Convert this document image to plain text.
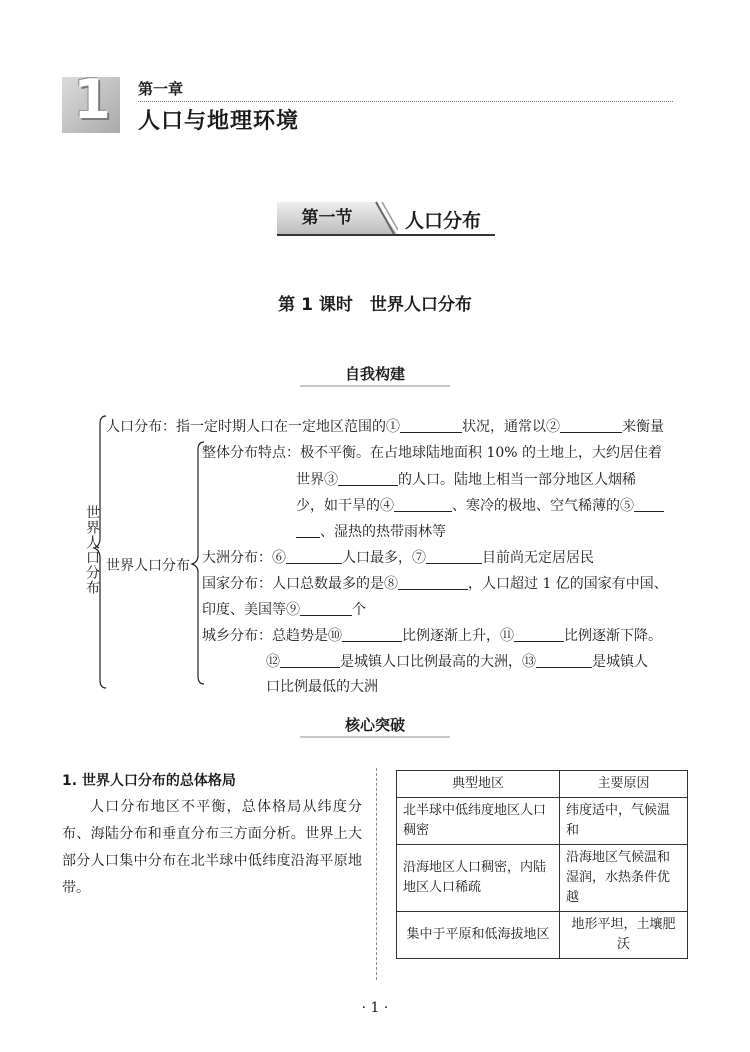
1	第一章
人口与地理环境
第一节	人口分布
第 1 课时　世界人口分布
自我构建
世界人口分布
人口分布：指一定时期人口在一定地区范围的①	状况，通常以②	来衡量
世界人口分布
整体分布特点：极不平衡。在占地球陆地面积 10% 的土地上，大约居住着
世界③	的人口。陆地上相当一部分地区人烟稀
少，如干旱的④	、寒冷的极地、空气稀薄的⑤
、湿热的热带雨林等
大洲分布：⑥	人口最多，⑦	目前尚无定居居民
国家分布：人口总数最多的是⑧	，人口超过 1 亿的国家有中国、
印度、美国等⑨	个
城乡分布：总趋势是⑩	比例逐渐上升，⑪	比例逐渐下降。
⑫	是城镇人口比例最高的大洲，⑬	是城镇人
口比例最低的大洲
核心突破
1. 世界人口分布的总体格局
人口分布地区不平衡，总体格局从纬度分布、海陆分布和垂直分布三方面分析。世界上大部分人口集中分布在北半球中低纬度沿海平原地带。
典型地区	主要原因
北半球中低纬度地区人口稠密	纬度适中，气候温和
沿海地区人口稠密，内陆地区人口稀疏	沿海地区气候温和湿润，水热条件优越
集中于平原和低海拔地区	地形平坦，土壤肥沃
· 1 ·
